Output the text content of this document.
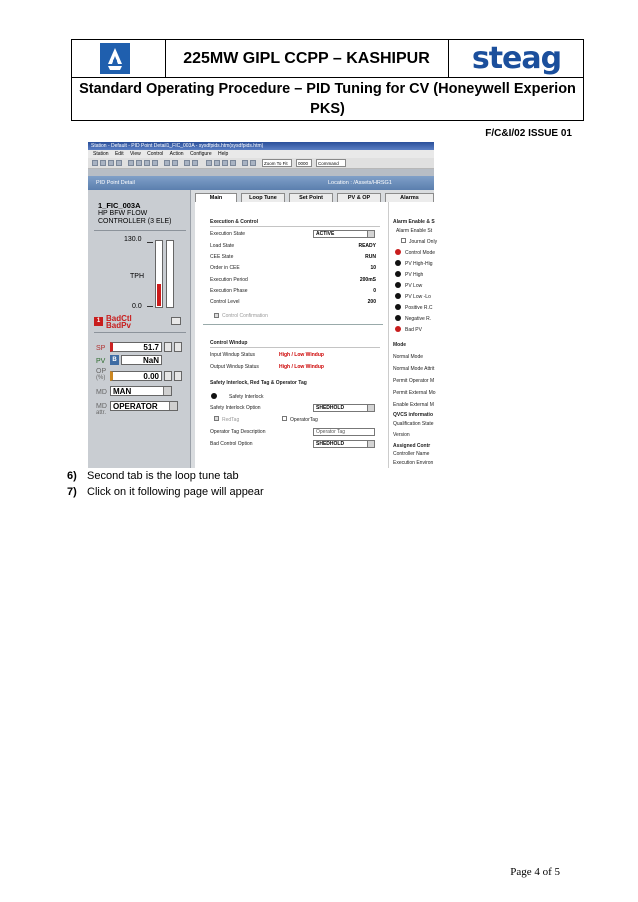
225MW GIPL CCPP – KASHIPUR	steag
Standard Operating Procedure – PID Tuning for CV (Honeywell Experion
PKS)
F/C&I/02 ISSUE 01
Station - Default - PID Point Detail1_FIC_003A - sysdfpids.htm(sysdfpids.htm)
Station Edit View Control Action Configure Help
Zoom To Fit	0000	Command
PID Point Detail	Location : /Assets/HRSG1
1_FIC_003A
HP BFW FLOW
CONTROLLER (3 ELE)
130.0
TPH
0.0
1 BadCtl
BadPv
SP	51.7
PV	B	NaN
OP
(%)	0.00
MD MAN
MD
attr.
OPERATOR
Main	Loop Tune	Set Point	PV & OP	Alarms
Execution & Control
Execution State	ACTIVE
Load State	READY
CEE State	RUN
Order in CEE	10
Execution Period	200mS
Execution Phase	0
Control Level	200
Control Confirmation
Control Windup
Input Windup Status	High / Low Windup
Output Windup Status	High / Low Windup
Safety Interlock, Red Tag & Operator Tag
Safety Interlock
Safety Interlock Option	SHEDHOLD
RedTag	OperatorTag
Operator Tag Description	Operator Tag
Bad Control Option	SHEDHOLD
Alarm Enable & S
Alarm Enable St
Journal Only
Control Mode
PV High-Hig
PV High
PV Low
PV Low -Lo
Positive R.C
Negative R.
Bad PV
Mode
Normal Mode
Normal Mode Attrit
Permit Operator M
Permit External Mo
Enable External M
QVCS informatio
Qualification State
Version
Assigned Contr
Controller Name
Execution Environ
6) Second tab is the loop tune tab
7) Click on it following page will appear
Page 4 of 5
